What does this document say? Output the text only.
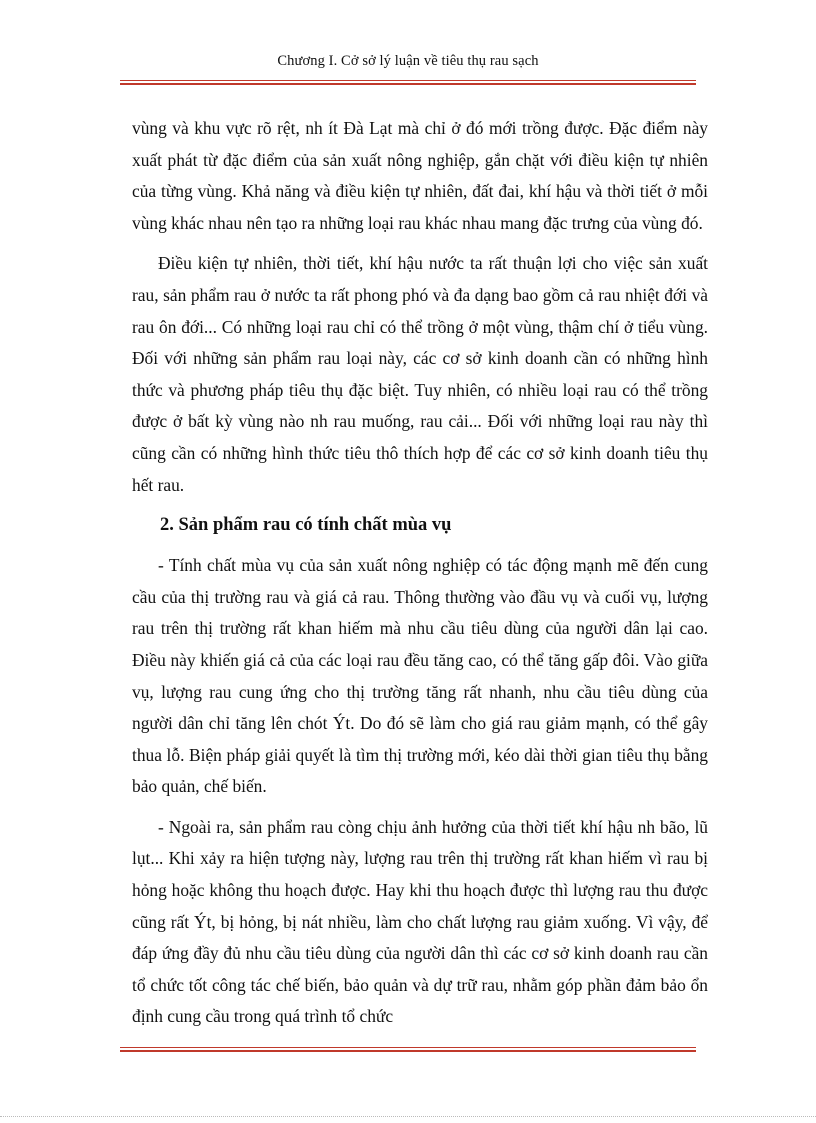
Chương I. Cở sở lý luận về tiêu thụ rau sạch

vùng và khu vực rõ rệt, nh ít Đà Lạt mà chỉ ở đó mới trồng được. Đặc điểm này xuất phát từ đặc điểm của sản xuất nông nghiệp, gắn chặt với điều kiện tự nhiên của từng vùng. Khả năng và điều kiện tự nhiên, đất đai, khí hậu và thời tiết ở mỗi vùng khác nhau nên tạo ra những loại rau khác nhau mang đặc trưng của vùng đó.

Điều kiện tự nhiên, thời tiết, khí hậu nước ta rất thuận lợi cho việc sản xuất rau, sản phẩm rau ở nước ta rất phong phó và đa dạng bao gồm cả rau nhiệt đới và rau ôn đới... Có những loại rau chỉ có thể trồng ở một vùng, thậm chí ở tiểu vùng. Đối với những sản phẩm rau loại này, các cơ sở kinh doanh cần có những hình thức và phương pháp tiêu thụ đặc biệt. Tuy nhiên, có nhiều loại rau có thể trồng được ở bất kỳ vùng nào nh rau muống, rau cải... Đối với những loại rau này thì cũng cần có những hình thức tiêu thô thích hợp để các cơ sở kinh doanh tiêu thụ hết rau.

2. Sản phẩm rau có tính chất mùa vụ

- Tính chất mùa vụ của sản xuất nông nghiệp có tác động mạnh mẽ đến cung cầu của thị trường rau và giá cả rau. Thông thường vào đầu vụ và cuối vụ, lượng rau trên thị trường rất khan hiếm mà nhu cầu tiêu dùng của người dân lại cao. Điều này khiến giá cả của các loại rau đều tăng cao, có thể tăng gấp đôi. Vào giữa vụ, lượng rau cung ứng cho thị trường tăng rất nhanh, nhu cầu tiêu dùng của người dân chỉ tăng lên chót Ýt. Do đó sẽ làm cho giá rau giảm mạnh, có thể gây thua lỗ. Biện pháp giải quyết là tìm thị trường mới, kéo dài thời gian tiêu thụ bằng bảo quản, chế biến.

- Ngoài ra, sản phẩm rau còng chịu ảnh hưởng của thời tiết khí hậu nh bão, lũ lụt... Khi xảy ra hiện tượng này, lượng rau trên thị trường rất khan hiếm vì rau bị hỏng hoặc không thu hoạch được. Hay khi thu hoạch được thì lượng rau thu được cũng rất Ýt, bị hỏng, bị nát nhiều, làm cho chất lượng rau giảm xuống. Vì vậy, để đáp ứng đầy đủ nhu cầu tiêu dùng của người dân thì các cơ sở kinh doanh rau cần tổ chức tốt công tác chế biến, bảo quản và dự trữ rau, nhằm góp phần đảm bảo ổn định cung cầu trong quá trình tổ chức
